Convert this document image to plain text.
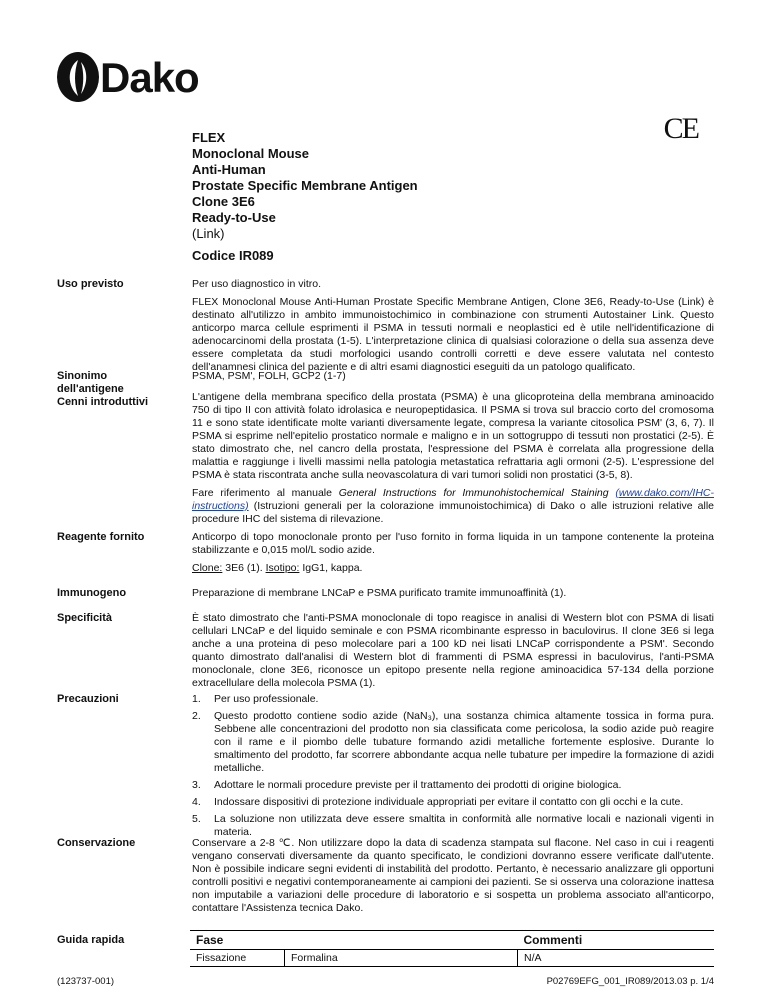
Dako
CE
FLEX
Monoclonal Mouse
Anti-Human
Prostate Specific Membrane Antigen
Clone 3E6
Ready-to-Use
(Link)
Codice IR089
Uso previsto	Per uso diagnostico in vitro.

FLEX Monoclonal Mouse Anti-Human Prostate Specific Membrane Antigen, Clone 3E6, Ready-to-Use (Link) è destinato all'utilizzo in ambito immunoistochimico in combinazione con strumenti Autostainer Link. Questo anticorpo marca cellule esprimenti il PSMA in tessuti normali e neoplastici ed è utile nell'identificazione di adenocarcinomi della prostata (1-5). L'interpretazione clinica di qualsiasi colorazione o della sua assenza deve essere completata da studi morfologici usando controlli corretti e deve essere valutata nel contesto dell'anamnesi clinica del paziente e di altri esami diagnostici eseguiti da un patologo qualificato.

Sinonimo dell'antigene
PSMA, PSM', FOLH, GCP2 (1-7)
Cenni introduttivi	L'antigene della membrana specifico della prostata (PSMA) è una glicoproteina della membrana aminoacido 750 di tipo II con attività folato idrolasica e neuropeptidasica. Il PSMA si trova sul braccio corto del cromosoma 11 e sono state identificate molte varianti diversamente legate, compresa la variante citosolica PSM' (3, 6, 7). Il PSMA si esprime nell'epitelio prostatico normale e maligno e in un sottogruppo di tessuti non prostatici (2-5). È stato dimostrato che, nel cancro della prostata, l'espressione del PSMA è correlata alla progressione della malattia e raggiunge i livelli massimi nella patologia metastatica refrattaria agli ormoni (2-5). L'espressione del PSMA è stata riscontrata anche sulla neovascolatura di vari tumori solidi non prostatici (3-5, 8).

Fare riferimento al manuale General Instructions for Immunohistochemical Staining (www.dako.com/IHC-instructions) (Istruzioni generali per la colorazione immunoistochimica) di Dako o alle istruzioni relative alle procedure IHC del sistema di rilevazione.

Reagente fornito	Anticorpo di topo monoclonale pronto per l'uso fornito in forma liquida in un tampone contenente la proteina stabilizzante e 0,015 mol/L sodio azide.

Clone: 3E6 (1). Isotipo: IgG1, kappa.

Immunogeno	Preparazione di membrane LNCaP e PSMA purificato tramite immunoaffinità (1).
Specificità	È stato dimostrato che l'anti-PSMA monoclonale di topo reagisce in analisi di Western blot con PSMA di lisati cellulari LNCaP e del liquido seminale e con PSMA ricombinante espresso in baculovirus. Il clone 3E6 si lega anche a una proteina di peso molecolare pari a 100 kD nei lisati LNCaP corrispondente a PSM'. Secondo quanto dimostrato dall'analisi di Western blot di frammenti di PSMA espressi in baculovirus, l'anti-PSMA monoclonale, clone 3E6, riconosce un epitopo presente nella regione aminoacidica 57-134 della porzione extracellulare della molecola PSMA (1).
Precauzioni	1. Per uso professionale.
2. Questo prodotto contiene sodio azide (NaN₃), una sostanza chimica altamente tossica in forma pura. Sebbene alle concentrazioni del prodotto non sia classificata come pericolosa, la sodio azide può reagire con il rame e il piombo delle tubature formando azidi metalliche fortemente esplosive. Durante lo smaltimento del prodotto, far scorrere abbondante acqua nelle tubature per impedire la formazione di azidi metalliche.
3. Adottare le normali procedure previste per il trattamento dei prodotti di origine biologica.
4. Indossare dispositivi di protezione individuale appropriati per evitare il contatto con gli occhi e la cute.
5. La soluzione non utilizzata deve essere smaltita in conformità alle normative locali e nazionali vigenti in materia.
Conservazione	Conservare a 2-8 ℃. Non utilizzare dopo la data di scadenza stampata sul flacone. Nel caso in cui i reagenti vengano conservati diversamente da quanto specificato, le condizioni dovranno essere verificate dall'utente. Non è possibile indicare segni evidenti di instabilità del prodotto. Pertanto, è necessario analizzare gli opportuni controlli positivi e negativi contemporaneamente ai campioni dei pazienti. Se si osserva una colorazione inattesa non imputabile a variazioni delle procedure di laboratorio e si sospetta un problema associato all'anticorpo, contattare l'Assistenza tecnica Dako.
Guida rapida	Fase		Commenti
Fissazione	Formalina	N/A
(123737-001)	P02769EFG_001_IR089/2013.03 p. 1/4
